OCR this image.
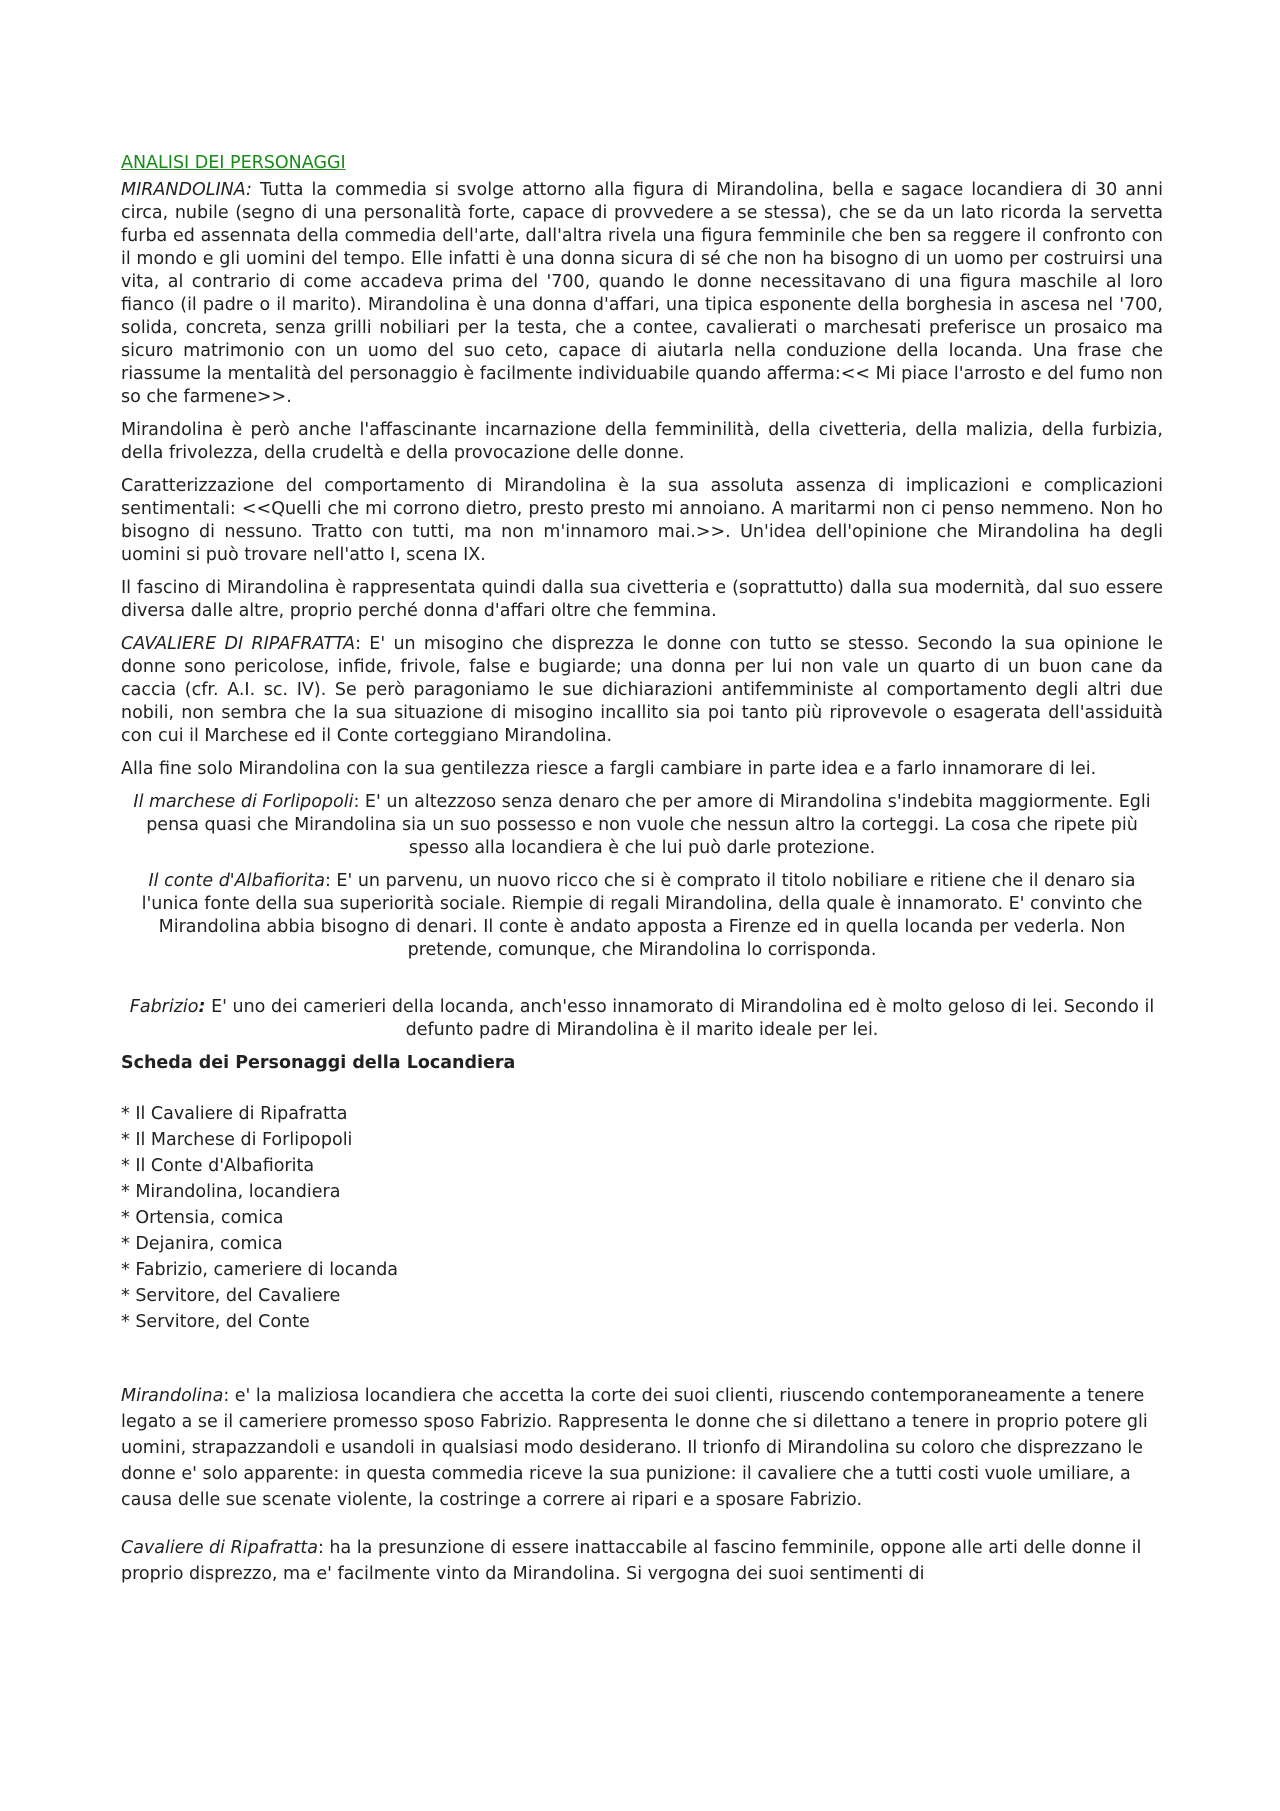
ANALISI DEI PERSONAGGI

MIRANDOLINA: Tutta la commedia si svolge attorno alla figura di Mirandolina, bella e sagace locandiera di 30 anni circa, nubile (segno di una personalità forte, capace di provvedere a se stessa), che se da un lato ricorda la servetta furba ed assennata della commedia dell'arte, dall'altra rivela una figura femminile che ben sa reggere il confronto con il mondo e gli uomini del tempo. Elle infatti è una donna sicura di sé che non ha bisogno di un uomo per costruirsi una vita, al contrario di come accadeva prima del '700, quando le donne necessitavano di una figura maschile al loro fianco (il padre o il marito). Mirandolina è una donna d'affari, una tipica esponente della borghesia in ascesa nel '700, solida, concreta, senza grilli nobiliari per la testa, che a contee, cavalierati o marchesati preferisce un prosaico ma sicuro matrimonio con un uomo del suo ceto, capace di aiutarla nella conduzione della locanda. Una frase che riassume la mentalità del personaggio è facilmente individuabile quando afferma:<< Mi piace l'arrosto e del fumo non so che farmene>>.

Mirandolina è però anche l'affascinante incarnazione della femminilità, della civetteria, della malizia, della furbizia, della frivolezza, della crudeltà e della provocazione delle donne.

Caratterizzazione del comportamento di Mirandolina è la sua assoluta assenza di implicazioni e complicazioni sentimentali: <<Quelli che mi corrono dietro, presto presto mi annoiano. A maritarmi non ci penso nemmeno. Non ho bisogno di nessuno. Tratto con tutti, ma non m'innamoro mai.>>. Un'idea dell'opinione che Mirandolina ha degli uomini si può trovare nell'atto I, scena IX.

Il fascino di Mirandolina è rappresentata quindi dalla sua civetteria e (soprattutto) dalla sua modernità, dal suo essere diversa dalle altre, proprio perché donna d'affari oltre che femmina.

CAVALIERE DI RIPAFRATTA: E' un misogino che disprezza le donne con tutto se stesso. Secondo la sua opinione le donne sono pericolose, infide, frivole, false e bugiarde; una donna per lui non vale un quarto di un buon cane da caccia (cfr. A.I. sc. IV). Se però paragoniamo le sue dichiarazioni antifemministe al comportamento degli altri due nobili, non sembra che la sua situazione di misogino incallito sia poi tanto più riprovevole o esagerata dell'assiduità con cui il Marchese ed il Conte corteggiano Mirandolina.

Alla fine solo Mirandolina con la sua gentilezza riesce a fargli cambiare in parte idea e a farlo innamorare di lei.

Il marchese di Forlipopoli: E' un altezzoso senza denaro che per amore di Mirandolina s'indebita maggiormente. Egli pensa quasi che Mirandolina sia un suo possesso e non vuole che nessun altro la corteggi. La cosa che ripete più spesso alla locandiera è che lui può darle protezione.

Il conte d'Albafiorita: E' un parvenu, un nuovo ricco che si è comprato il titolo nobiliare e ritiene che il denaro sia l'unica fonte della sua superiorità sociale. Riempie di regali Mirandolina, della quale è innamorato. E' convinto che Mirandolina abbia bisogno di denari. Il conte è andato apposta a Firenze ed in quella locanda per vederla. Non pretende, comunque, che Mirandolina lo corrisponda.

Fabrizio: E' uno dei camerieri della locanda, anch'esso innamorato di Mirandolina ed è molto geloso di lei. Secondo il defunto padre di Mirandolina è il marito ideale per lei.

Scheda dei Personaggi della Locandiera
* Il Cavaliere di Ripafratta
* Il Marchese di Forlipopoli
* Il Conte d'Albafiorita
* Mirandolina, locandiera
* Ortensia, comica
* Dejanira, comica
* Fabrizio, cameriere di locanda
* Servitore, del Cavaliere
* Servitore, del Conte

Mirandolina: e' la maliziosa locandiera che accetta la corte dei suoi clienti, riuscendo contemporaneamente a tenere legato a se il cameriere promesso sposo Fabrizio. Rappresenta le donne che si dilettano a tenere in proprio potere gli uomini, strapazzandoli e usandoli in qualsiasi modo desiderano. Il trionfo di Mirandolina su coloro che disprezzano le donne e' solo apparente: in questa commedia riceve la sua punizione: il cavaliere che a tutti costi vuole umiliare, a causa delle sue scenate violente, la costringe a correre ai ripari e a sposare Fabrizio.

Cavaliere di Ripafratta: ha la presunzione di essere inattaccabile al fascino femminile, oppone alle arti delle donne il proprio disprezzo, ma e' facilmente vinto da Mirandolina. Si vergogna dei suoi sentimenti di
